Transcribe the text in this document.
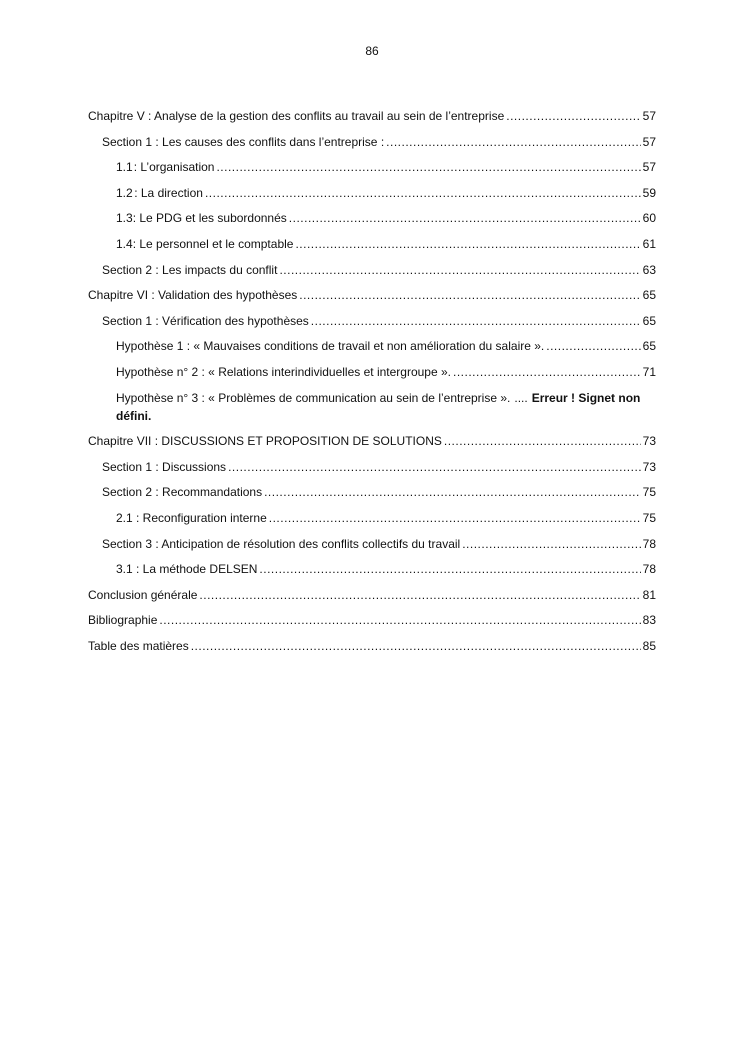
86
Chapitre V : Analyse de la gestion des conflits au travail au sein de l’entreprise .....	57
Section 1 : Les causes des conflits dans l’entreprise : .....	57
1.1 : L’organisation .....	57
1.2 : La direction .....	59
1.3 : Le PDG et les subordonnés .....	60
1.4 : Le personnel et le comptable .....	61
Section 2 : Les impacts du conflit .....	63
Chapitre VI : Validation des hypothèses .....	65
Section 1 : Vérification des hypothèses .....	65
Hypothèse 1 : « Mauvaises conditions de travail et non amélioration du salaire ». .....	65
Hypothèse n° 2 : « Relations interindividuelles et intergroupe ». .....	71
Hypothèse n° 3 : « Problèmes de communication au sein de l’entreprise ». .... Erreur ! Signet non
défini.
Chapitre VII : DISCUSSIONS ET PROPOSITION DE SOLUTIONS .....	73
Section 1 : Discussions .....	73
Section 2 : Recommandations .....	75
2.1 : Reconfiguration interne .....	75
Section 3 : Anticipation de résolution des conflits collectifs du travail .....	78
3.1 : La méthode DELSEN .....	78
Conclusion générale .....	81
Bibliographie .....	83
Table des matières .....	85
